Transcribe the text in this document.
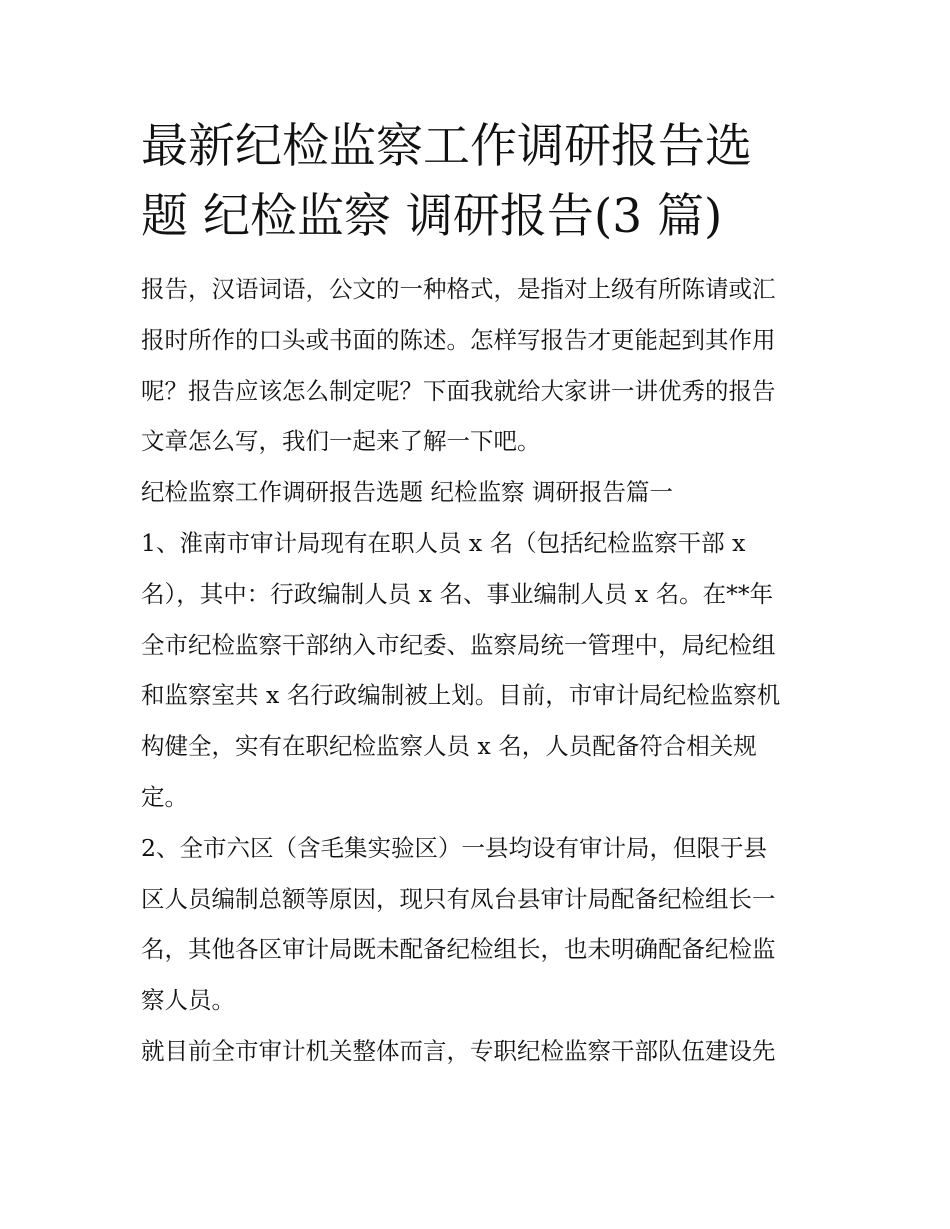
最新纪检监察工作调研报告选
题 纪检监察 调研报告(3 篇)
报告，汉语词语，公文的一种格式，是指对上级有所陈请或汇
报时所作的口头或书面的陈述。怎样写报告才更能起到其作用
呢？报告应该怎么制定呢？下面我就给大家讲一讲优秀的报告
文章怎么写，我们一起来了解一下吧。
纪检监察工作调研报告选题 纪检监察 调研报告篇一
1、淮南市审计局现有在职人员 x 名（包括纪检监察干部 x
名），其中：行政编制人员 x 名、事业编制人员 x 名。在**年
全市纪检监察干部纳入市纪委、监察局统一管理中，局纪检组
和监察室共 x 名行政编制被上划。目前，市审计局纪检监察机
构健全，实有在职纪检监察人员 x 名，人员配备符合相关规
定。
2、全市六区（含毛集实验区）一县均设有审计局，但限于县
区人员编制总额等原因，现只有凤台县审计局配备纪检组长一
名，其他各区审计局既未配备纪检组长，也未明确配备纪检监
察人员。
就目前全市审计机关整体而言，专职纪检监察干部队伍建设先
